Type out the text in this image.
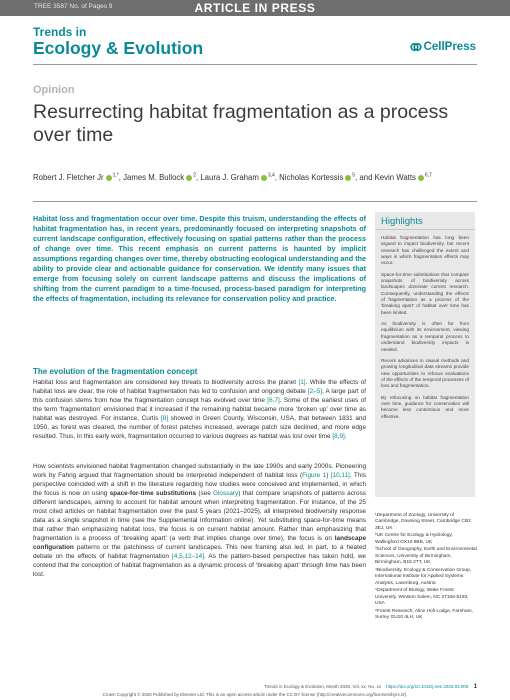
TREE 3587 No. of Pages 9	ARTICLE IN PRESS
Trends in
Ecology & Evolution	CellPress
Opinion
Resurrecting habitat fragmentation as a process over time
Robert J. Fletcher Jr $^{1,*}$, James M. Bullock $^2$, Laura J. Graham $^{3,4}$, Nicholas Kortessis $^5$, and Kevin Watts $^{6,7}$
Habitat loss and fragmentation occur over time. Despite this truism, understanding the effects of habitat fragmentation has, in recent years, predominantly focused on interpreting snapshots of current landscape configuration, effectively focusing on spatial patterns rather than the process of change over time. This recent emphasis on current patterns is haunted by implicit assumptions regarding changes over time, thereby obstructing ecological understanding and the ability to provide clear and actionable guidance for conservation. We identify many issues that emerge from focusing solely on current landscape patterns and discuss the implications of shifting from the current paradigm to a time-focused, process-based paradigm for interpreting the effects of fragmentation, including its relevance for conservation policy and practice.
Highlights
Habitat fragmentation has long been argued to impact biodiversity, but recent research has challenged the extent and ways in which fragmentation effects may occur.
Space-for-time substitutions that compare snapshots of biodiversity across landscapes dominate current research. Consequently, understanding the effects of fragmentation as a process of the 'breaking apart' of habitat over time has been limited.
As biodiversity is often far from equilibrium with its environment, viewing fragmentation as a temporal process to understand biodiversity impacts is needed.
Recent advances in causal methods and growing longitudinal data streams provide new opportunities to refocus evaluations of the effects of the temporal processes of loss and fragmentation.
By refocusing on habitat fragmentation over time, guidance for conservation will become less contentious and more effective.
The evolution of the fragmentation concept
Habitat loss and fragmentation are considered key threats to biodiversity across the planet [1]. While the effects of habitat loss are clear, the role of habitat fragmentation has led to confusion and ongoing debate [2–5]. A large part of this confusion stems from how the fragmentation concept has evolved over time [6,7]. Some of the earliest uses of the term ‘fragmentation’ envisioned that it increased if the remaining habitat became more ‘broken up’ over time as habitat was destroyed. For instance, Curtis [8] showed in Green County, Wisconsin, USA, that between 1831 and 1950, as forest was cleared, the number of forest patches increased, average patch size declined, and more edge resulted. Thus, in this early work, fragmentation occurred to various degrees as habitat was lost over time [8,9].
How scientists envisioned habitat fragmentation changed substantially in the late 1990s and early 2000s. Pioneering work by Fahrig argued that fragmentation should be interpreted independent of habitat loss (Figure 1) [10,11]. This perspective coincided with a shift in the literature regarding how studies were conceived and implemented, in which the focus is now on using space-for-time substitutions (see Glossary) that compare snapshots of patterns across different landscapes, aiming to account for habitat amount when interpreting fragmentation. For instance, of the 25 most cited articles on habitat fragmentation over the past 5 years (2021–2025), all interpreted biodiversity response data as a single snapshot in time (see the Supplemental Information online). Yet substituting space-for-time means that rather than emphasizing habitat loss, the focus is on current habitat amount. Rather than emphasizing that fragmentation is a process of ‘breaking apart’ (a verb that implies change over time), the focus is on landscape configuration patterns or the patchiness of current landscapes. This new framing also led, in part, to a heated debate on the effects of habitat fragmentation [4,5,12–14]. As the pattern-based perspective has taken hold, we contend that the conception of habitat fragmentation as a dynamic process of ‘breaking apart’ through time has been lost.

¹Department of Zoology, University of Cambridge, Downing Street, Cambridge CB2 3EJ, UK

²UK Centre for Ecology & Hydrology, Wallingford OX10 8BB, UK

³School of Geography, Earth and Environmental Sciences, University of Birmingham, Birmingham, B15 2TT, UK

⁴Biodiversity, Ecology & Conservation Group, International Institute for Applied Systems Analysis, Laxenburg, Austria

⁵Department of Biology, Wake Forest University, Winston Salem, NC 27106-5193, USA

⁶Forest Research, Alice Holt Lodge, Farnham, Surrey GU10 4LH, UK

Trends in Ecology & Evolution, Month 2026, Vol. xx, No. xx https://doi.org/10.1016/j.tree.2026.03.009 1
Crown Copyright © 2026 Published by Elsevier Ltd. This is an open access article under the CC BY license (http://creativecommons.org/licenses/by/4.0/).
